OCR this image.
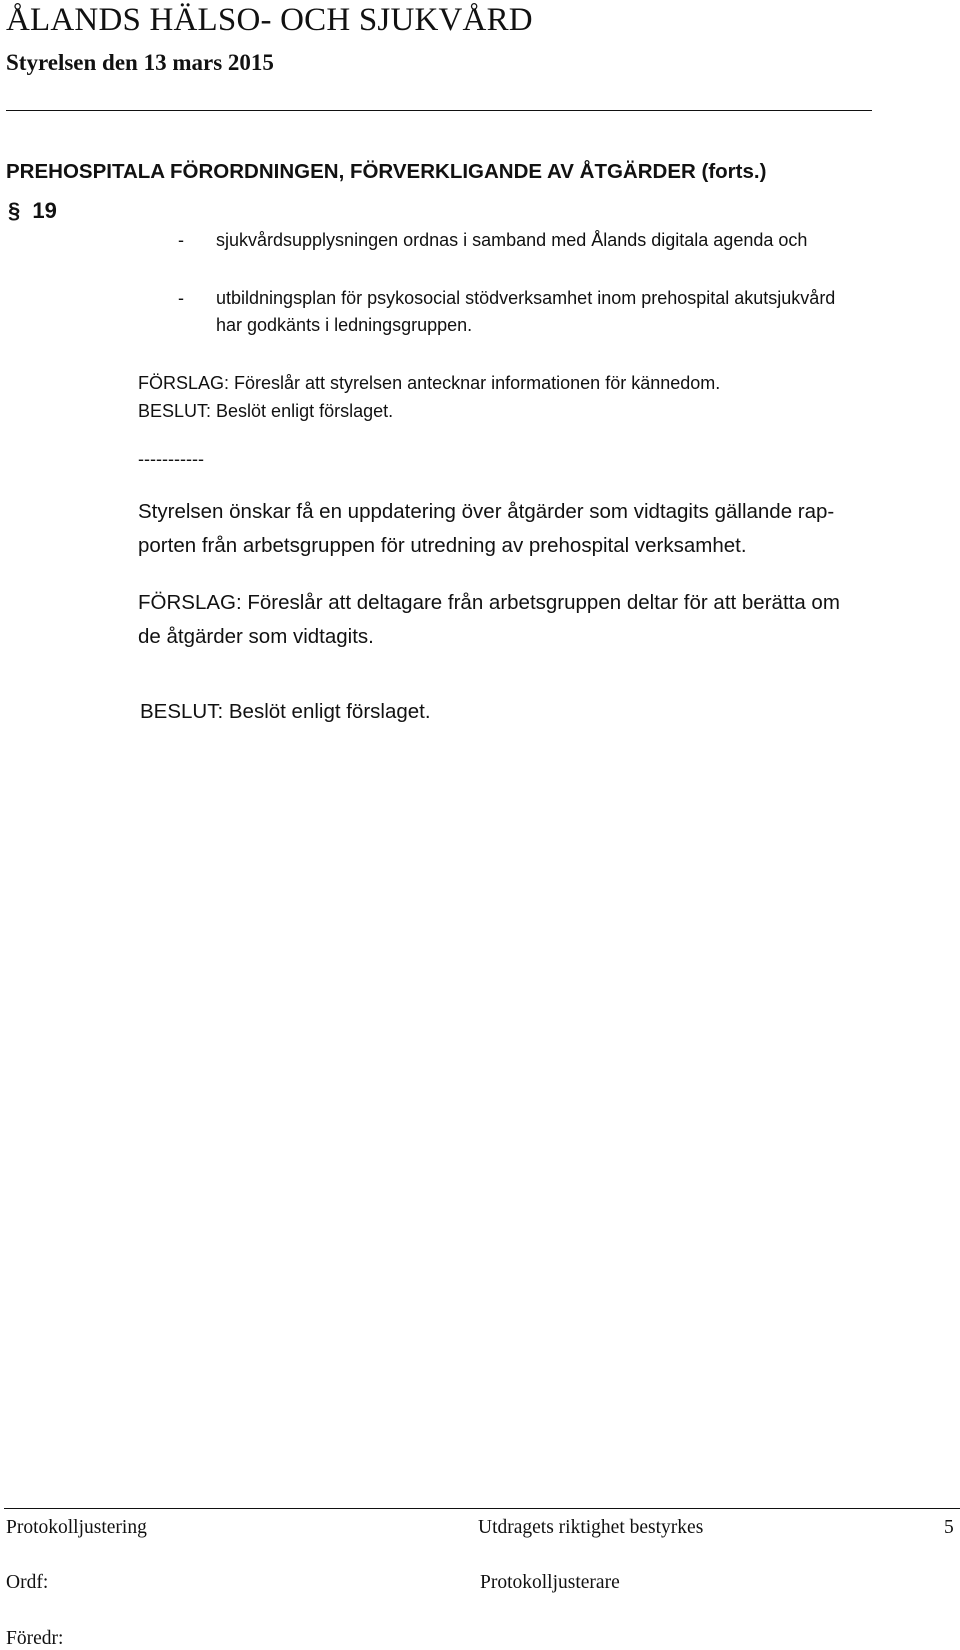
ÅLANDS HÄLSO- OCH SJUKVÅRD
Styrelsen den 13 mars 2015
PREHOSPITALA FÖRORDNINGEN, FÖRVERKLIGANDE AV ÅTGÄRDER (forts.)
§ 19
- sjukvårdsupplysningen ordnas i samband med Ålands digitala agenda och
- utbildningsplan för psykosocial stödverksamhet inom prehospital akutsjukvård
har godkänts i ledningsgruppen.
FÖRSLAG: Föreslår att styrelsen antecknar informationen för kännedom.
BESLUT: Beslöt enligt förslaget.
-----------
Styrelsen önskar få en uppdatering över åtgärder som vidtagits gällande rap-
porten från arbetsgruppen för utredning av prehospital verksamhet.
FÖRSLAG: Föreslår att deltagare från arbetsgruppen deltar för att berätta om
de åtgärder som vidtagits.
BESLUT: Beslöt enligt förslaget.
Protokolljustering	Utdragets riktighet bestyrkes	5
Ordf:	Protokolljusterare
Föredr:
